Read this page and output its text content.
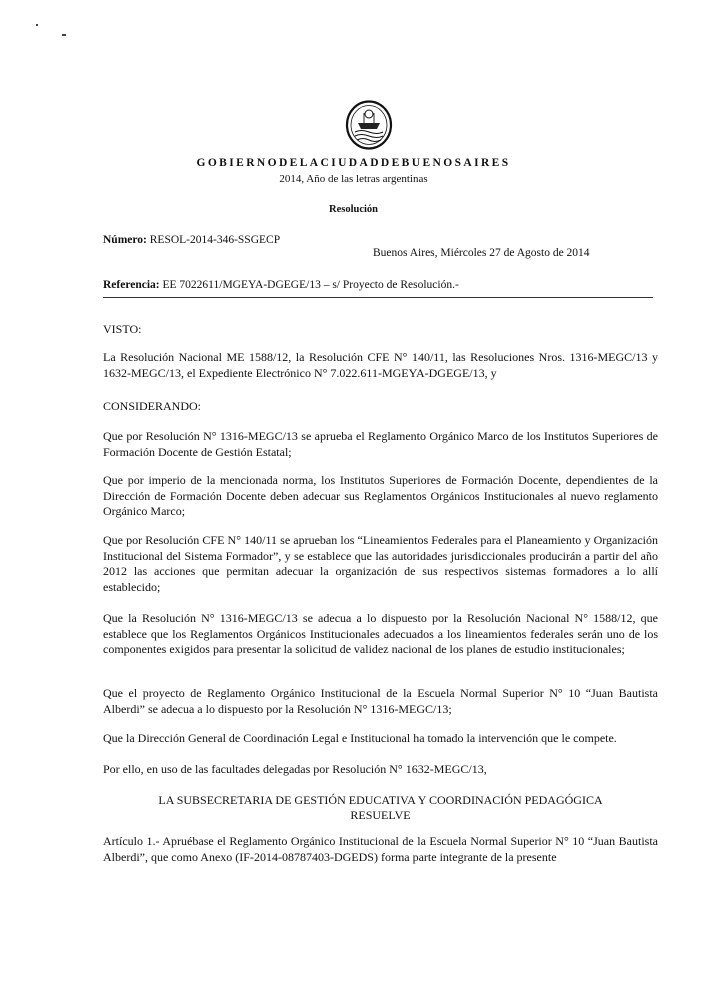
GOBIERNODELACIUDADDEBUENOSAIRES
2014, Año de las letras argentinas
Resolución
Número: RESOL-2014-346-SSGECP
Buenos Aires, Miércoles 27 de Agosto de 2014
Referencia: EE 7022611/MGEYA-DGEGE/13 – s/ Proyecto de Resolución.-
VISTO:
La Resolución Nacional ME 1588/12, la Resolución CFE N° 140/11, las Resoluciones Nros. 1316-MEGC/13 y 1632-MEGC/13, el Expediente Electrónico N° 7.022.611-MGEYA-DGEGE/13, y
CONSIDERANDO:
Que por Resolución N° 1316-MEGC/13 se aprueba el Reglamento Orgánico Marco de los Institutos Superiores de Formación Docente de Gestión Estatal;
Que por imperio de la mencionada norma, los Institutos Superiores de Formación Docente, dependientes de la Dirección de Formación Docente deben adecuar sus Reglamentos Orgánicos Institucionales al nuevo reglamento Orgánico Marco;
Que por Resolución CFE N° 140/11 se aprueban los “Lineamientos Federales para el Planeamiento y Organización Institucional del Sistema Formador”, y se establece que las autoridades jurisdiccionales producirán a partir del año 2012 las acciones que permitan adecuar la organización de sus respectivos sistemas formadores a lo allí establecido;
Que la Resolución N° 1316-MEGC/13 se adecua a lo dispuesto por la Resolución Nacional N° 1588/12, que establece que los Reglamentos Orgánicos Institucionales adecuados a los lineamientos federales serán uno de los componentes exigidos para presentar la solicitud de validez nacional de los planes de estudio institucionales;
Que el proyecto de Reglamento Orgánico Institucional de la Escuela Normal Superior N° 10 “Juan Bautista Alberdi” se adecua a lo dispuesto por la Resolución N° 1316-MEGC/13;
Que la Dirección General de Coordinación Legal e Institucional ha tomado la intervención que le compete.
Por ello, en uso de las facultades delegadas por Resolución N° 1632-MEGC/13,
LA SUBSECRETARIA DE GESTIÓN EDUCATIVA Y COORDINACIÓN PEDAGÓGICA
RESUELVE
Artículo 1.- Apruébase el Reglamento Orgánico Institucional de la Escuela Normal Superior N° 10 “Juan Bautista Alberdi”, que como Anexo (IF-2014-08787403-DGEDS) forma parte integrante de la presente
